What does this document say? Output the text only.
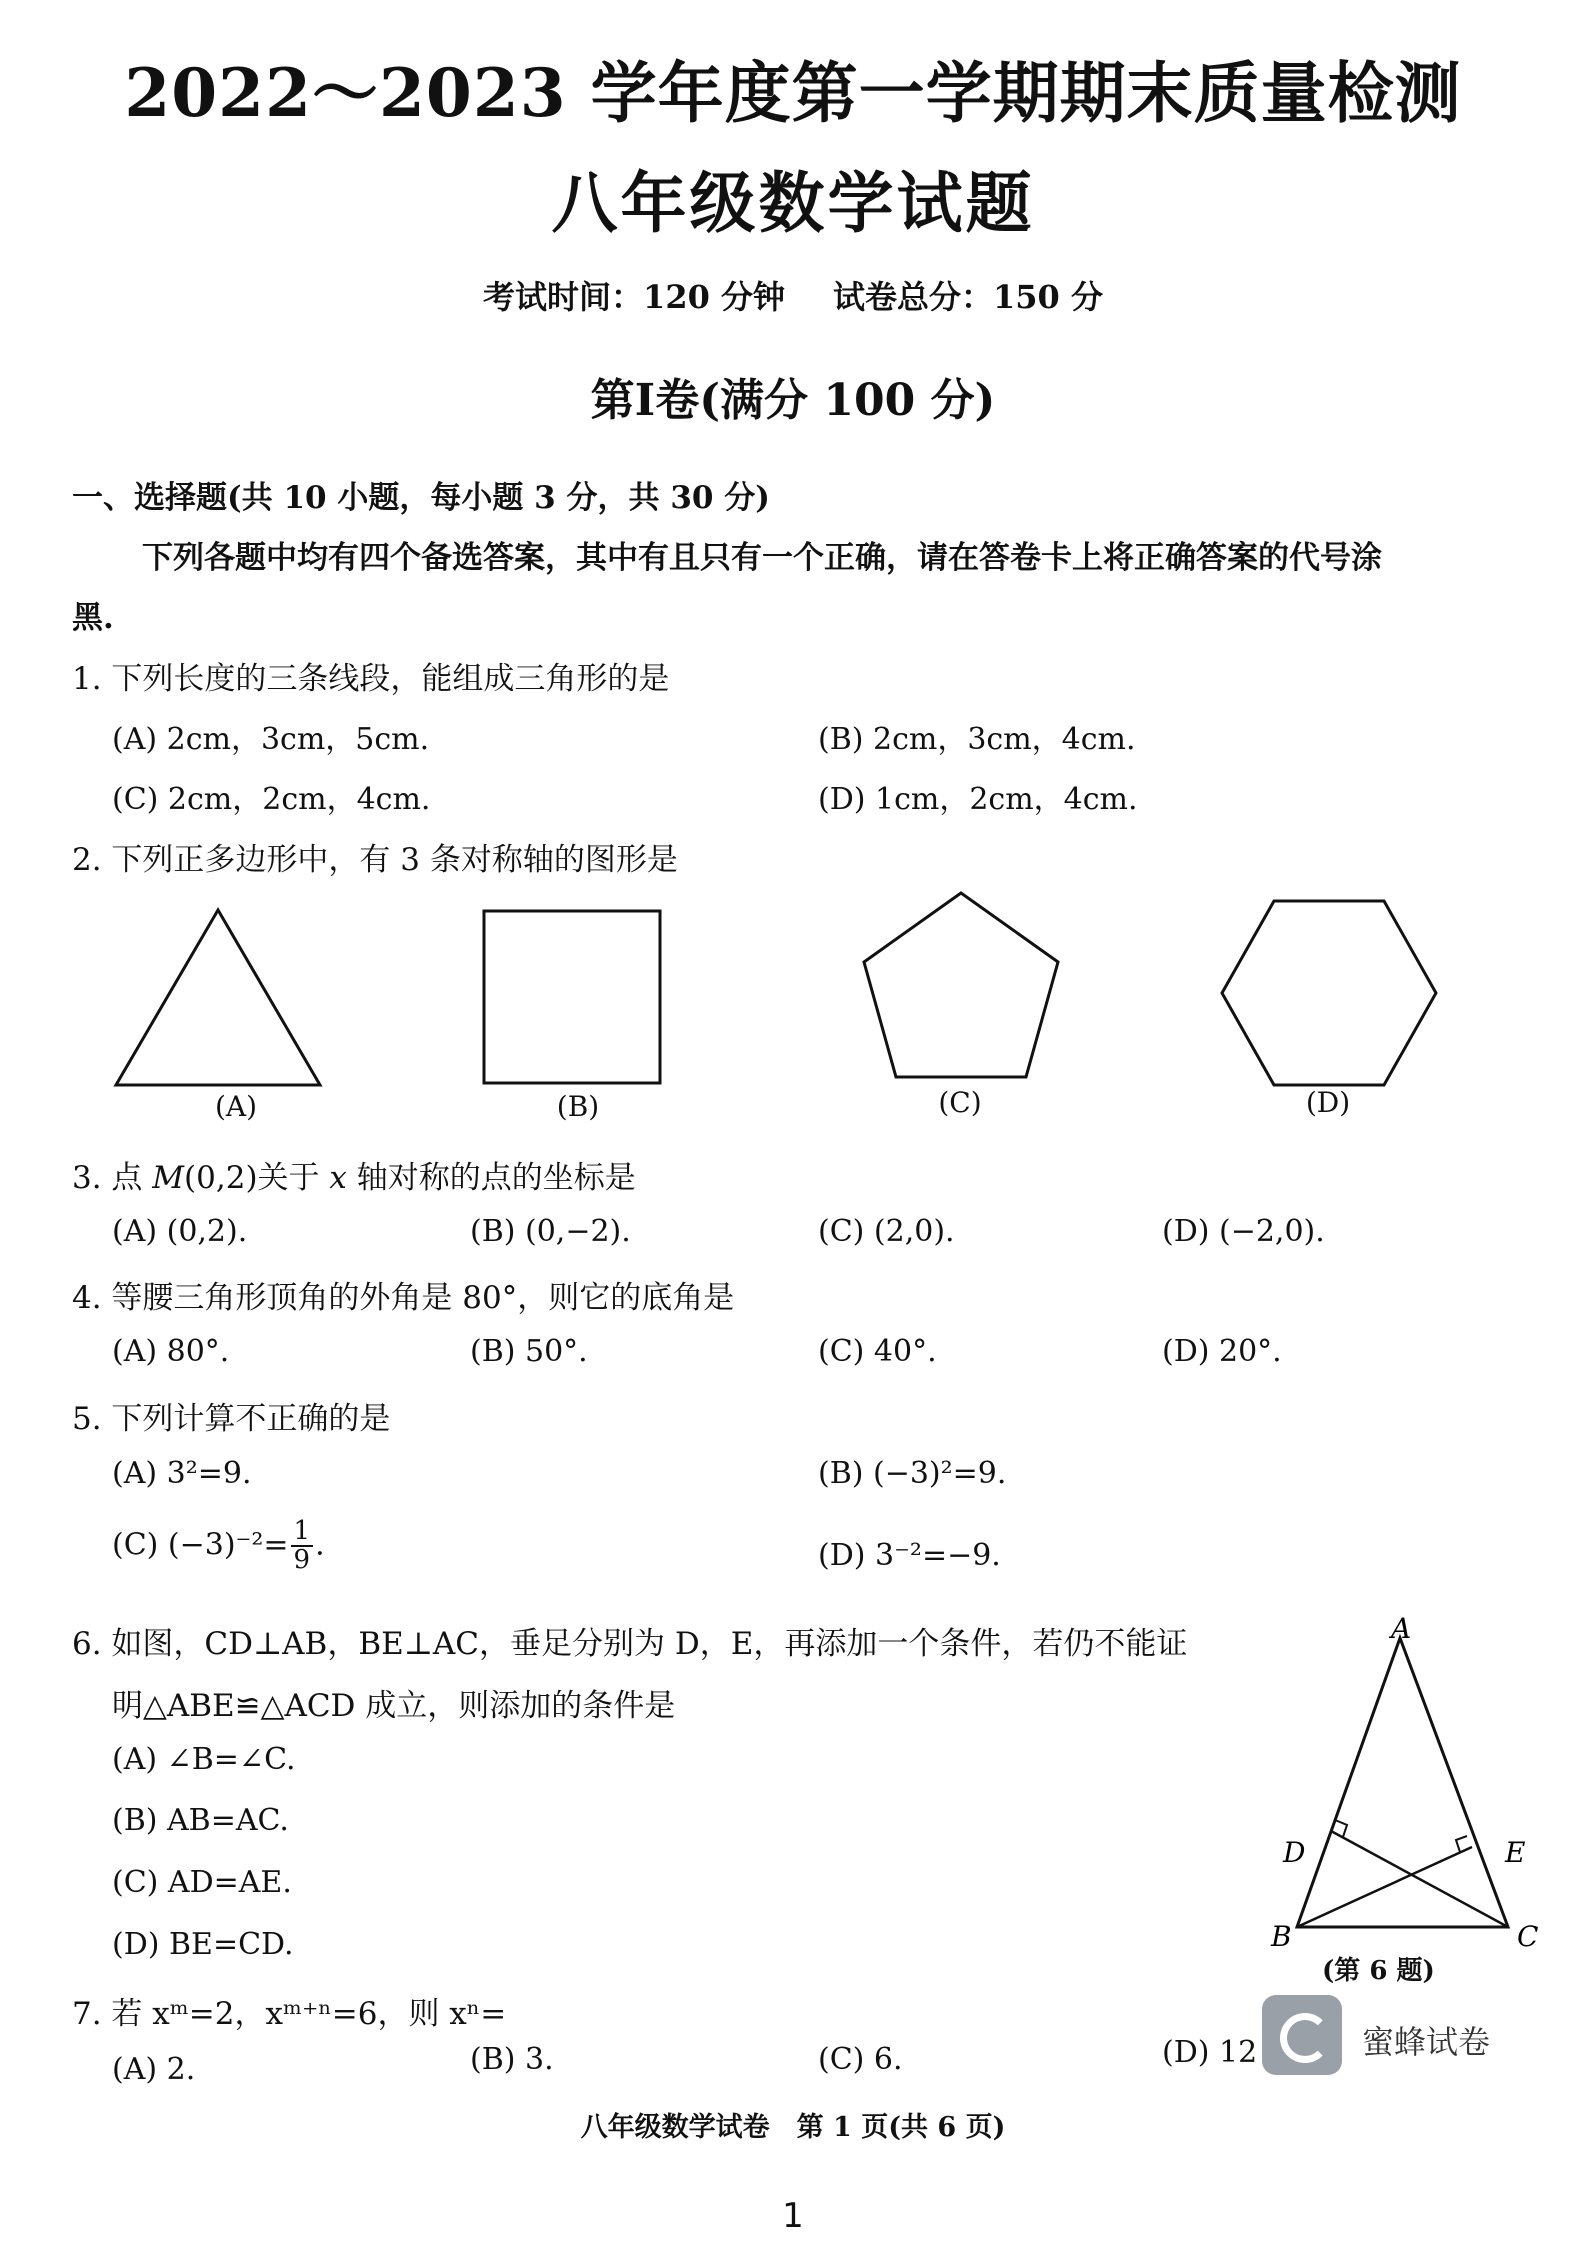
2022～2023 学年度第一学期期末质量检测
八年级数学试题
考试时间：120 分钟 试卷总分：150 分
第Ⅰ卷(满分 100 分)
一、选择题(共 10 小题，每小题 3 分，共 30 分)
下列各题中均有四个备选答案，其中有且只有一个正确，请在答卷卡上将正确答案的代号涂
黑.
1. 下列长度的三条线段，能组成三角形的是
(A) 2cm，3cm，5cm.	(B) 2cm，3cm，4cm.
(C) 2cm，2cm，4cm.	(D) 1cm，2cm，4cm.
2. 下列正多边形中，有 3 条对称轴的图形是
(A)	(B)	(C)	(D)
3. 点 M(0,2)关于 x 轴对称的点的坐标是
(A) (0,2).	(B) (0,−2).	(C) (2,0).	(D) (−2,0).
4. 等腰三角形顶角的外角是 80°，则它的底角是
(A) 80°.	(B) 50°.	(C) 40°.	(D) 20°.
5. 下列计算不正确的是
(A) 3²=9.	(B) (−3)²=9.
(C) $(-3)^{-2}= \frac{1}{9}$ .	(D) 3⁻²=−9.
6. 如图，CD⊥AB，BE⊥AC，垂足分别为 D，E，再添加一个条件，若仍不能证
明△ABE≌△ACD 成立，则添加的条件是
(A) ∠B=∠C.
(B) AB=AC.
(C) AD=AE.
(D) BE=CD.
A
B	C
D	E
(第 6 题)
7. 若 xᵐ=2，xᵐ⁺ⁿ=6，则 xⁿ=
(A) 2.	(B) 3.	(C) 6.	(D) 12	蜜蜂试卷
八年级数学试卷　第 1 页(共 6 页)
1
